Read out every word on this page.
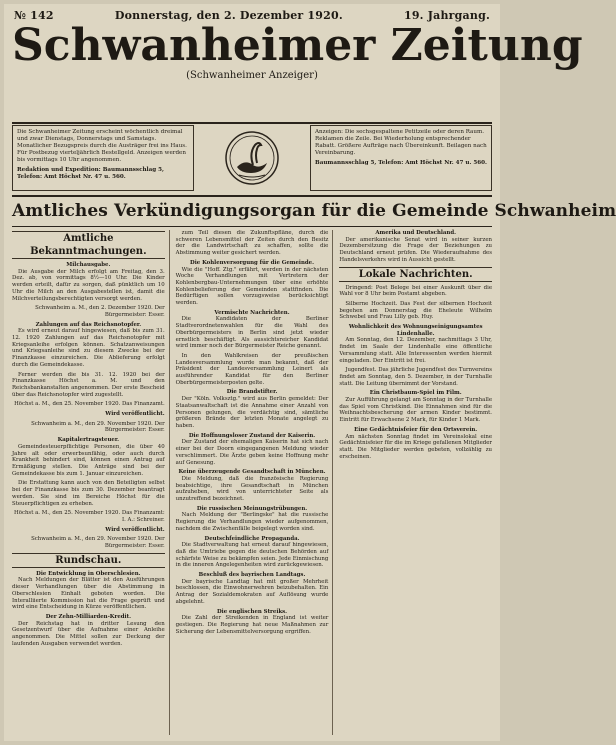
№ 142	Donnerstag, den 2. Dezember 1920.	19. Jahrgang.
Schwanheimer Zeitung
(Schwanheimer Anzeiger)
Die Schwanheimer Zeitung erscheint wöchentlich dreimal und zwar Dienstags, Donnerstags und Samstags. Monatlicher Bezugspreis durch die Austräger frei ins Haus. Für Postbezug vierteljährlich Bestellgeld. Anzeigen werden bis vormittags 10 Uhr angenommen.
Redaktion und Expedition: Baumannsschlag 5, Telefon: Amt Höchst Nr. 47 u. 560.
Anzeigen: Die sechsgespaltene Petitzeile oder deren Raum. Reklamen die Zeile. Bei Wiederholung entsprechender Rabatt. Größere Aufträge nach Übereinkunft. Beilagen nach Vereinbarung.
Baumannsschlag 5, Telefon: Amt Höchst Nr. 47 u. 560.
Amtliches Verkündigungsorgan für die Gemeinde Schwanheim
Amtliche Bekanntmachungen.
Milchausgabe.

Die Ausgabe der Milch erfolgt am Freitag, den 3. Dez. ab, von vormittags 8½—10 Uhr. Die Kinder werden erteilt, dafür zu sorgen, daß pünktlich um 10 Uhr die Milch an den Ausgabestellen ist, damit die Milchverteilungsberechtigten versorgt werden.

Schwanheim a. M., den 2. Dezember 1920. Der Bürgermeister: Esser.
Zahlungen auf das Reichsnotopfer.

Es wird erneut darauf hingewiesen, daß bis zum 31. 12. 1920 Zahlungen auf das Reichsnotopfer mit Kriegsanleihe erfolgen können. Schatzanweisungen und Kriegsanleihe sind zu diesem Zwecke bei der Finanzkasse einzureichen. Die Ablieferung erfolgt durch die Gemeindekasse.

Ferner werden die bis 31. 12. 1920 bei der Finanzkasse Höchst a. M. und den Reichsbankanstalten angenommen. Der erste Bescheid über das Reichsnotopfer wird zugestellt.

Höchst a. M., den 25. November 1920. Das Finanzamt.
Wird veröffentlicht.
Schwanheim a. M., den 29. November 1920. Der Bürgermeister: Esser.
Kapitalertragsteuer.

Gemeindesteuerpflichtige Personen, die über 40 Jahre alt oder erwerbsunfähig, oder auch durch Krankheit behindert sind, können einen Antrag auf Ermäßigung stellen. Die Anträge sind bei der Gemeindekasse bis zum 1. Januar einzureichen.

Die Erstattung kann auch von den Beteiligten selbst bei der Finanzkasse bis zum 30. Dezember beantragt werden. Sie sind im Bereiche Höchst für die Steuerpflichtigen zu erheben.

Höchst a. M., den 25. November 1920. Das Finanzamt: I. A.: Schreiner.
Wird veröffentlicht.
Schwanheim a. M., den 29. November 1920. Der Bürgermeister: Esser.
Rundschau.
Die Entwicklung in Oberschlesien.

Nach Meldungen der Blätter ist den Ausführungen dieser Verhandlungen über die Abstimmung in Oberschlesien Einhalt geboten worden. Die Interalliierte Kommission hat die Frage geprüft und wird eine Entscheidung in Kürze veröffentlichen.

Der Zehn-Milliarden-Kredit.

Der Reichstag hat in dritter Lesung den Gesetzentwurf über die Aufnahme einer Anleihe angenommen. Die Mittel sollen zur Deckung der laufenden Ausgaben verwendet werden.

zum Teil diesen die Zukunftspfläne, durch die schweren Lebensmittel der Zeiten durch den Besitz der die Landwirtschaft zu schaffen, sollte die Abstimmung weiter gesichert werden.

Die Kohlenversorgung für die Gemeinde.

Wie die "Hoff. Ztg." erfährt, werden in der nächsten Woche Verhandlungen mit Vertretern der Kohlenbergbau-Unternehmungen über eine erhöhte Kohlenbelieferung der Gemeinden stattfinden. Die Bedürftigen sollen vorzugsweise berücksichtigt werden.

Vermischte Nachrichten.

Die Kandidaten der Berliner Stadtverordnetenwahlen für die Wahl des Oberbürgermeisters in Berlin sind jetzt wieder ernstlich beschäftigt. Als aussichtsreicher Kandidat wird immer noch der Bürgermeister Reiche genannt.

In den Wahlkreisen der preußischen Landesversammlung wurde man bekannt, daß der Präsident der Landesversammlung Leinert als ausführender Kandidat für den Berliner Oberbürgermeisterposten gelte.

Die Brandstifter.

Der "Köln. Volksztg." wird aus Berlin gemeldet: Der Staatsanwaltschaft ist die Annahme einer Anzahl von Personen gelungen, die verdächtig sind, sämtliche größeren Brände der letzten Monate angelegt zu haben.

Die Hoffnungsloser Zustand der Kaiserin.

Der Zustand der ehemaligen Kaiserin hat sich nach einer bei der Doorn eingegangenen Meldung wieder verschlimmert. Die Ärzte geben keine Hoffnung mehr auf Genesung.

Keine überzeugende Gesandtschaft in München.

Die Meldung, daß die französische Regierung beabsichtige, ihre Gesandtschaft in München aufzuheben, wird von unterrichteter Seite als unzutreffend bezeichnet.

Die russischen Meinungstrübungen.

Nach Meldung der "Berlingske" hat die russische Regierung die Verhandlungen wieder aufgenommen, nachdem die Zwischenfälle beigelegt worden sind.

Deutschfeindliche Propaganda.

Die Stadtverwaltung hat erneut darauf hingewiesen, daß die Umtriebe gegen die deutschen Behörden auf schärfste Weise zu bekämpfen seien. Jede Einmischung in die inneren Angelegenheiten wird zurückgewiesen.

Beschluß des bayrischen Landtags.

Der bayrische Landtag hat mit großer Mehrheit beschlossen, die Einwohnerwehren beizubehalten. Ein Antrag der Sozialdemokraten auf Auflösung wurde abgelehnt.

Die englischen Streiks.

Die Zahl der Streikenden in England ist weiter gestiegen. Die Regierung hat neue Maßnahmen zur Sicherung der Lebensmittelversorgung ergriffen.

Amerika und Deutschland.

Der amerikanische Senat wird in seiner kurzen Dezembersitzung die Frage der Beziehungen zu Deutschland erneut prüfen. Die Wiederaufnahme des Handelsverkehrs wird in Aussicht gestellt.

Lokale Nachrichten.

Dringend: Post Belege bei einer Auskunft über die Wahl vor 8 Uhr beim Postamt abgeben.

Silberne Hochzeit. Das Fest der silbernen Hochzeit begehen am Donnerstag die Eheleute Wilhelm Schwebel und Frau Lilly geb. Huy.

Wohnlichkeit des Wohnungseinigungsamtes Lindenhalle.

Am Sonntag, den 12. Dezember, nachmittags 3 Uhr, findet im Saale der Lindenhalle eine öffentliche Versammlung statt. Alle Interessenten werden hiermit eingeladen. Der Eintritt ist frei.

Jugendfest. Das jährliche Jugendfest des Turnvereins findet am Sonntag, den 5. Dezember, in der Turnhalle statt. Die Leitung übernimmt der Vorstand.

Ein Christbaum-Spiel im Film.

Zur Aufführung gelangt am Sonntag in der Turnhalle das Spiel vom Christkind. Die Einnahmen sind für die Weihnachtsbescherung der armen Kinder bestimmt. Eintritt für Erwachsene 2 Mark, für Kinder 1 Mark.

Eine Gedächtnisfeier für den Ortsverein.

Am nächsten Sonntag findet im Vereinslokal eine Gedächtnisfeier für die im Kriege gefallenen Mitglieder statt. Die Mitglieder werden gebeten, vollzählig zu erscheinen.
